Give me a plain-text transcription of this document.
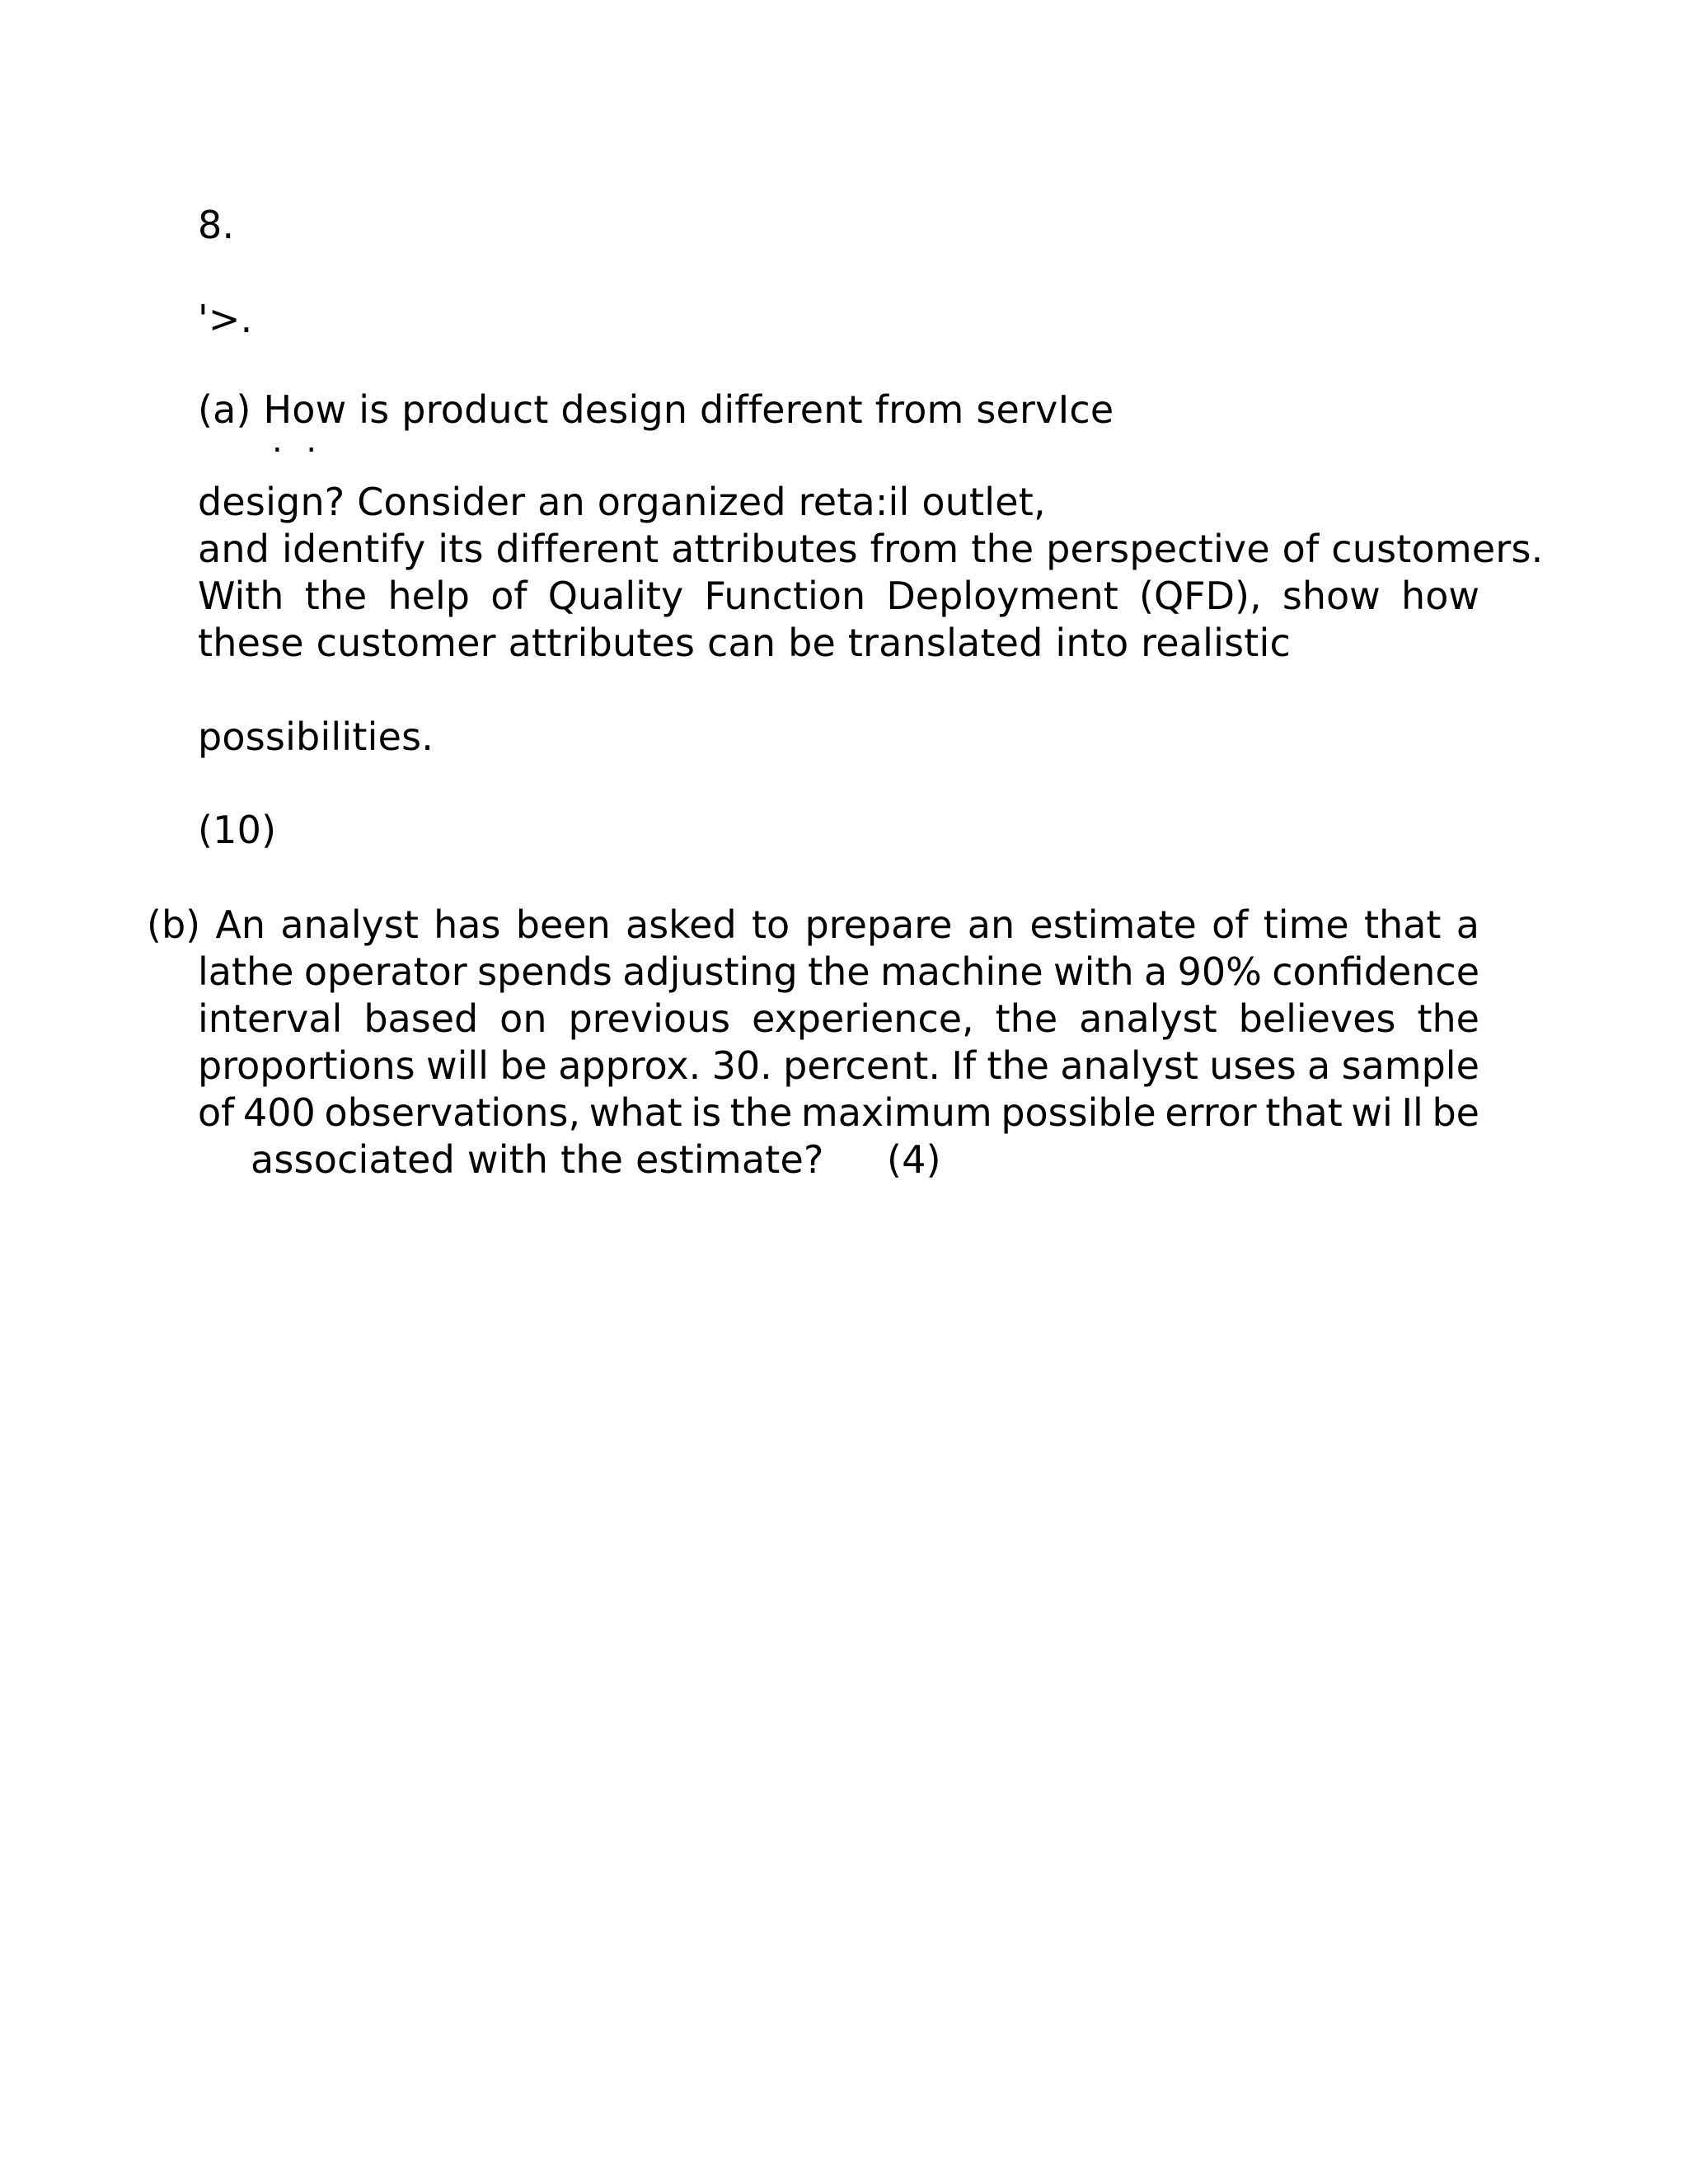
8.
'>.
(a) How is product design different from servIce
. .
design? Consider an organized reta:il outlet,
and identify its different attributes from the perspective of customers.
With the help of Quality Function Deployment (QFD), show how
these customer attributes can be translated into realistic
possibilities.
(10)
(b) An analyst has been asked to prepare an estimate of time that a
lathe operator spends adjusting the machine with a 90% confidence
interval based on previous experience, the analyst believes the
proportions will be approx. 30. percent. If the analyst uses a sample
of 400 observations, what is the maximum possible error that wi Il be
associated with the estimate? (4)
